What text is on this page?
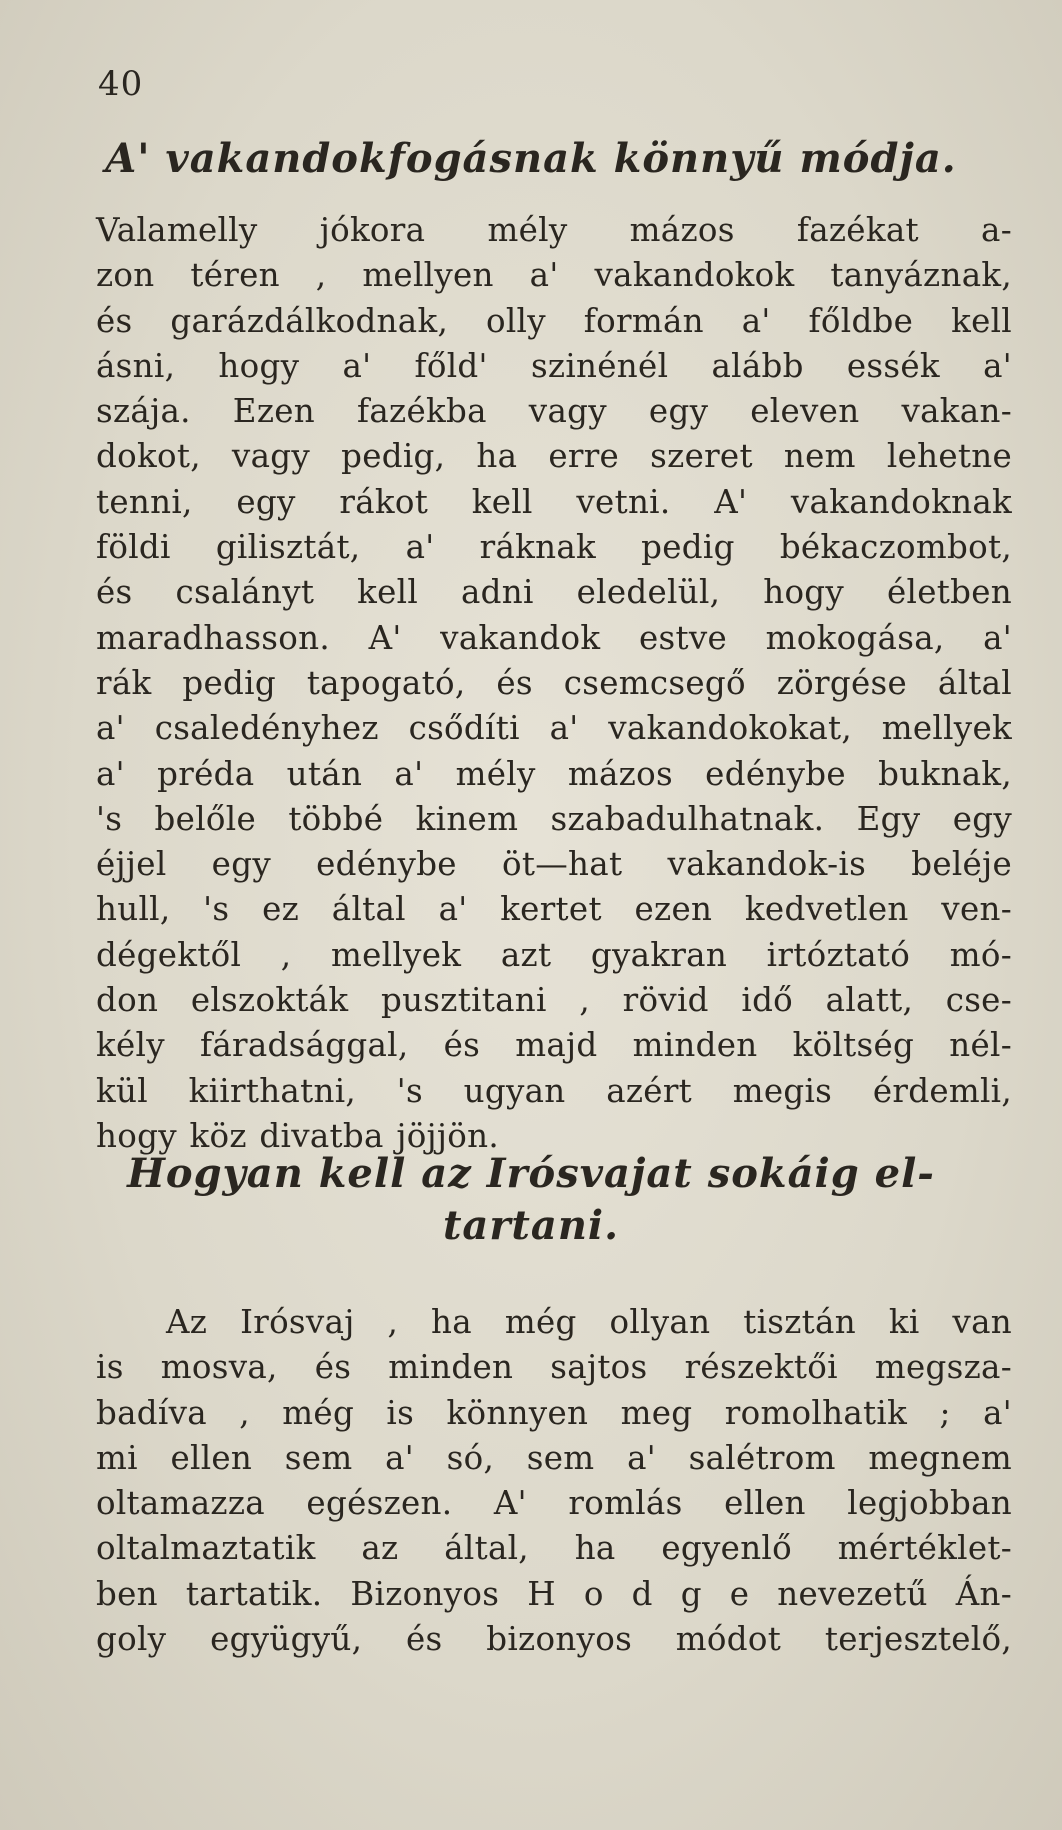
40
A' vakandokfogásnak könnyű módja.
Valamelly jókora mély mázos fazékat a-
zon téren , mellyen a' vakandokok tanyáznak,
és garázdálkodnak, olly formán a' főldbe kell
ásni, hogy a' főld' szinénél alább essék a'
szája. Ezen fazékba vagy egy eleven vakan-
dokot, vagy pedig, ha erre szeret nem lehetne
tenni, egy rákot kell vetni. A' vakandoknak
földi gilisztát, a' ráknak pedig békaczombot,
és csalányt kell adni eledelül, hogy életben
maradhasson. A' vakandok estve mokogása, a'
rák pedig tapogató, és csemcsegő zörgése által
a' csaledényhez csődíti a' vakandokokat, mellyek
a' préda után a' mély mázos edénybe buknak,
's belőle többé kinem szabadulhatnak. Egy egy
éjjel egy edénybe öt—hat vakandok-is beléje
hull, 's ez által a' kertet ezen kedvetlen ven-
dégektől , mellyek azt gyakran irtóztató mó-
don elszokták pusztitani , rövid idő alatt, cse-
kély fáradsággal, és majd minden költség nél-
kül kiirthatni, 's ugyan azért megis érdemli,
hogy köz divatba jöjjön.
Hogyan kell az Irósvajat sokáig el-
tartani.
Az Irósvaj , ha még ollyan tisztán ki van
is mosva, és minden sajtos részektői megsza-
badíva , még is könnyen meg romolhatik ; a'
mi ellen sem a' só, sem a' salétrom megnem
oltamazza egészen. A' romlás ellen legjobban
oltalmaztatik az által, ha egyenlő mértéklet-
ben tartatik. Bizonyos H o d g e nevezetű Án-
goly együgyű, és bizonyos módot terjesztelő,
